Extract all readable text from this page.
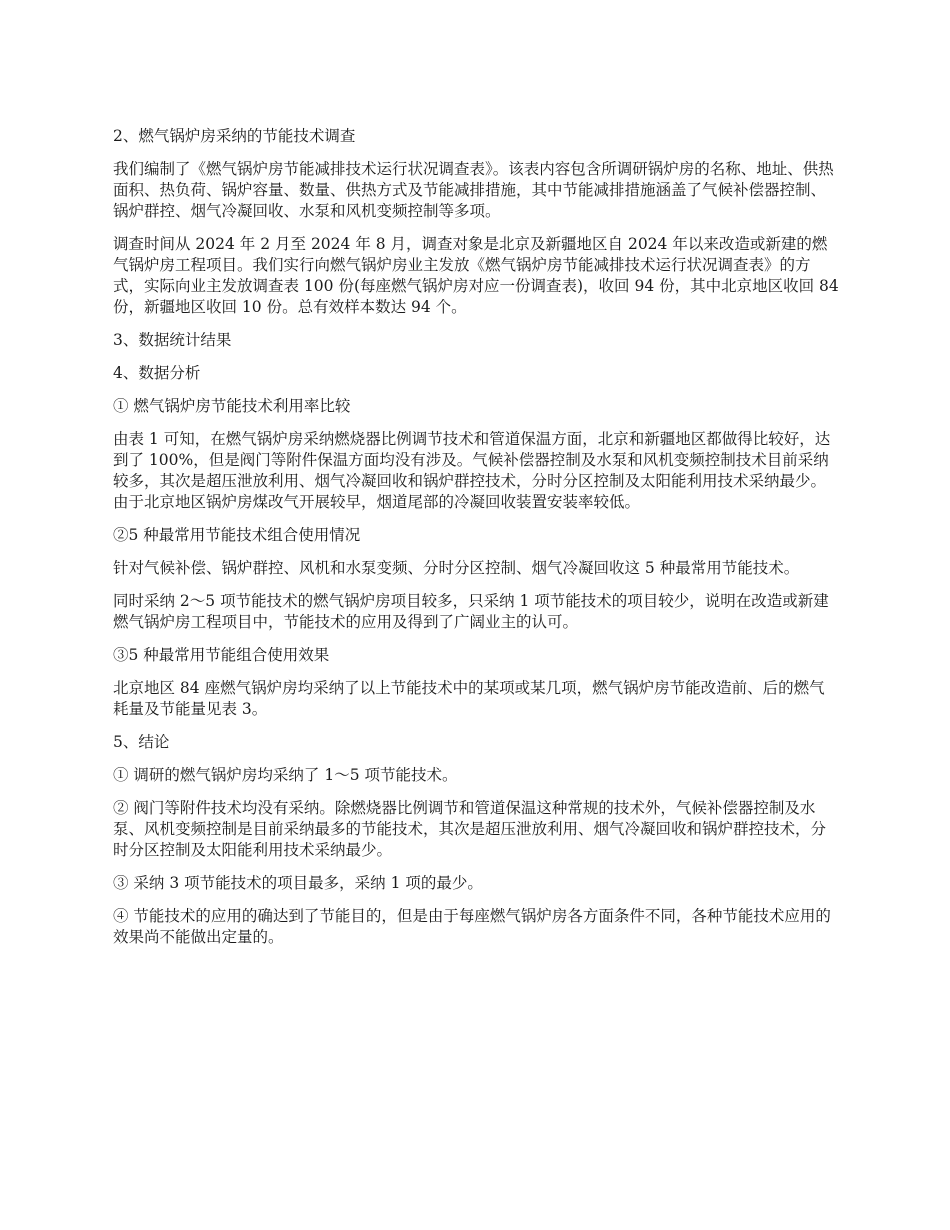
2、燃气锅炉房采纳的节能技术调查

我们编制了《燃气锅炉房节能减排技术运行状况调查表》。该表内容包含所调研锅炉房的名称、地址、供热面积、热负荷、锅炉容量、数量、供热方式及节能减排措施，其中节能减排措施涵盖了气候补偿器控制、锅炉群控、烟气冷凝回收、水泵和风机变频控制等多项。

调查时间从 2024 年 2 月至 2024 年 8 月，调查对象是北京及新疆地区自 2024 年以来改造或新建的燃气锅炉房工程项目。我们实行向燃气锅炉房业主发放《燃气锅炉房节能减排技术运行状况调查表》的方式，实际向业主发放调查表 100 份(每座燃气锅炉房对应一份调查表)，收回 94 份，其中北京地区收回 84 份，新疆地区收回 10 份。总有效样本数达 94 个。

3、数据统计结果

4、数据分析

① 燃气锅炉房节能技术利用率比较

由表 1 可知，在燃气锅炉房采纳燃烧器比例调节技术和管道保温方面，北京和新疆地区都做得比较好，达到了 100%，但是阀门等附件保温方面均没有涉及。气候补偿器控制及水泵和风机变频控制技术目前采纳较多，其次是超压泄放利用、烟气冷凝回收和锅炉群控技术，分时分区控制及太阳能利用技术采纳最少。由于北京地区锅炉房煤改气开展较早，烟道尾部的冷凝回收装置安装率较低。

②5 种最常用节能技术组合使用情况

针对气候补偿、锅炉群控、风机和水泵变频、分时分区控制、烟气冷凝回收这 5 种最常用节能技术。

同时采纳 2～5 项节能技术的燃气锅炉房项目较多，只采纳 1 项节能技术的项目较少，说明在改造或新建燃气锅炉房工程项目中，节能技术的应用及得到了广阔业主的认可。

③5 种最常用节能组合使用效果

北京地区 84 座燃气锅炉房均采纳了以上节能技术中的某项或某几项，燃气锅炉房节能改造前、后的燃气耗量及节能量见表 3。

5、结论

① 调研的燃气锅炉房均采纳了 1～5 项节能技术。

② 阀门等附件技术均没有采纳。除燃烧器比例调节和管道保温这种常规的技术外，气候补偿器控制及水泵、风机变频控制是目前采纳最多的节能技术，其次是超压泄放利用、烟气冷凝回收和锅炉群控技术，分时分区控制及太阳能利用技术采纳最少。

③ 采纳 3 项节能技术的项目最多，采纳 1 项的最少。

④ 节能技术的应用的确达到了节能目的，但是由于每座燃气锅炉房各方面条件不同，各种节能技术应用的效果尚不能做出定量的。
